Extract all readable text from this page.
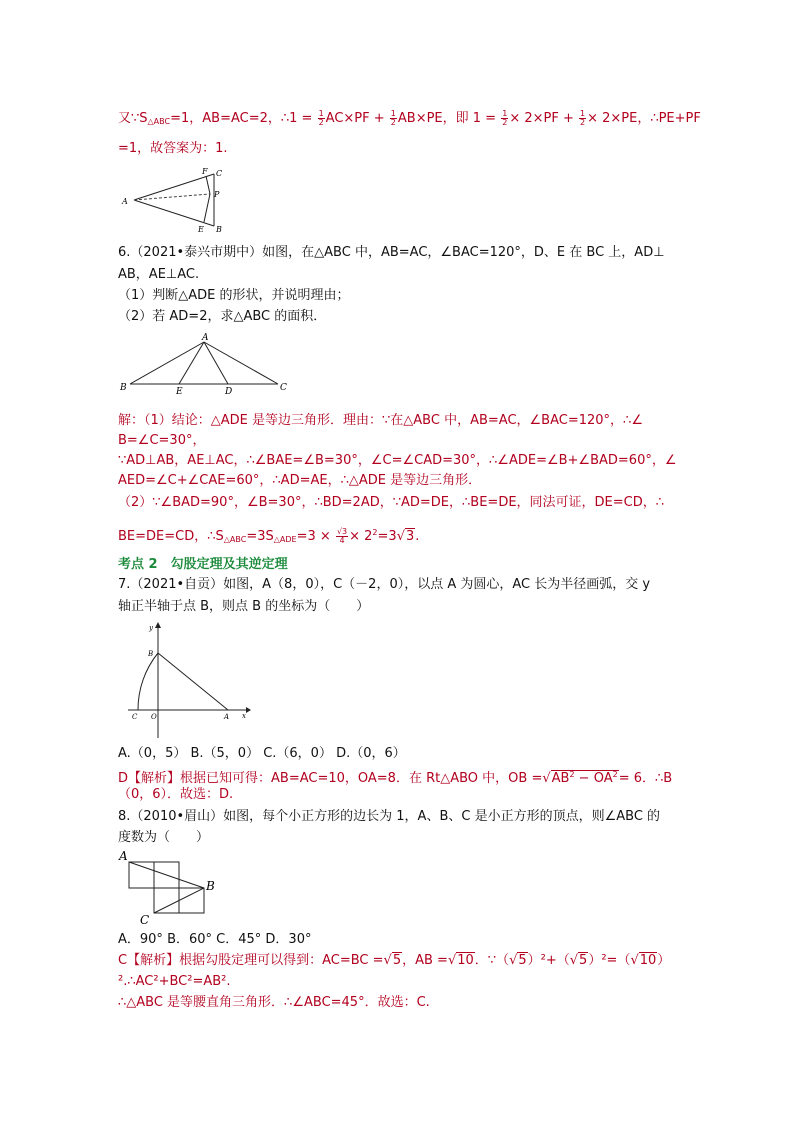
又$\because S_{\triangle ABC}=1$，AB=AC=2，∴1 = $\frac{1}{2} AC\times PF + \frac{1}{2} AB\times PE$，即 $1 = \frac{1}{2} \times 2\times PF + \frac{1}{2} \times 2\times PE$，∴PE+PF
=1，故答案为：1.
A
F C
P
E B
6.（2021•泰兴市期中）如图，在△ABC 中，AB=AC，∠BAC=120°，D、E 在 BC 上，AD⊥
AB，AE⊥AC.
（1）判断△ADE 的形状，并说明理由；
（2）若 AD=2，求△ABC 的面积．
A
B	E	D	C
解：（1）结论：△ADE 是等边三角形．理由：∵在△ABC 中，AB=AC，∠BAC=120°，∴∠
B=∠C=30°，
∵AD⊥AB，AE⊥AC，∴∠BAE=∠B=30°，∠C=∠CAD=30°，∴∠ADE=∠B+∠BAD=60°，∠
AED=∠C+∠CAE=60°，∴AD=AE，∴△ADE 是等边三角形．
（2）∵∠BAD=90°，∠B=30°，∴BD=2AD，∵AD=DE，∴BE=DE，同法可证，DE=CD，∴
BE=DE=CD，$\therefore S_{\triangle ABC}=3S_{\triangle ADE}=3 \times \frac{√3}{4} \times 2^2=3√3$.
考点 2　勾股定理及其逆定理
7.（2021•自贡）如图，A（8，0），C（－2，0），以点 A 为圆心，AC 长为半径画弧，交 y
轴正半轴于点 B，则点 B 的坐标为（　　）
y
x
B
C O	A
A.（0，5） B.（5，0） C.（6，0） D.（0，6）
D【解析】根据已知可得：AB=AC=10，OA=8．在 Rt△ABO 中，OB $=√AB^2 - OA^2= 6$．∴B
（0，6）．故选：D.
8.（2010•眉山）如图，每个小正方形的边长为 1，A、B、C 是小正方形的顶点，则∠ABC 的
度数为（　　）
A
B
C
A．90° B．60° C．45° D．30°
C【解析】根据勾股定理可以得到：AC=BC =√5，AB =√10．∵（√5）²+（√5）²=（√10）
².∴AC²+BC²=AB².
∴△ABC 是等腰直角三角形．∴∠ABC=45°．故选：C.
